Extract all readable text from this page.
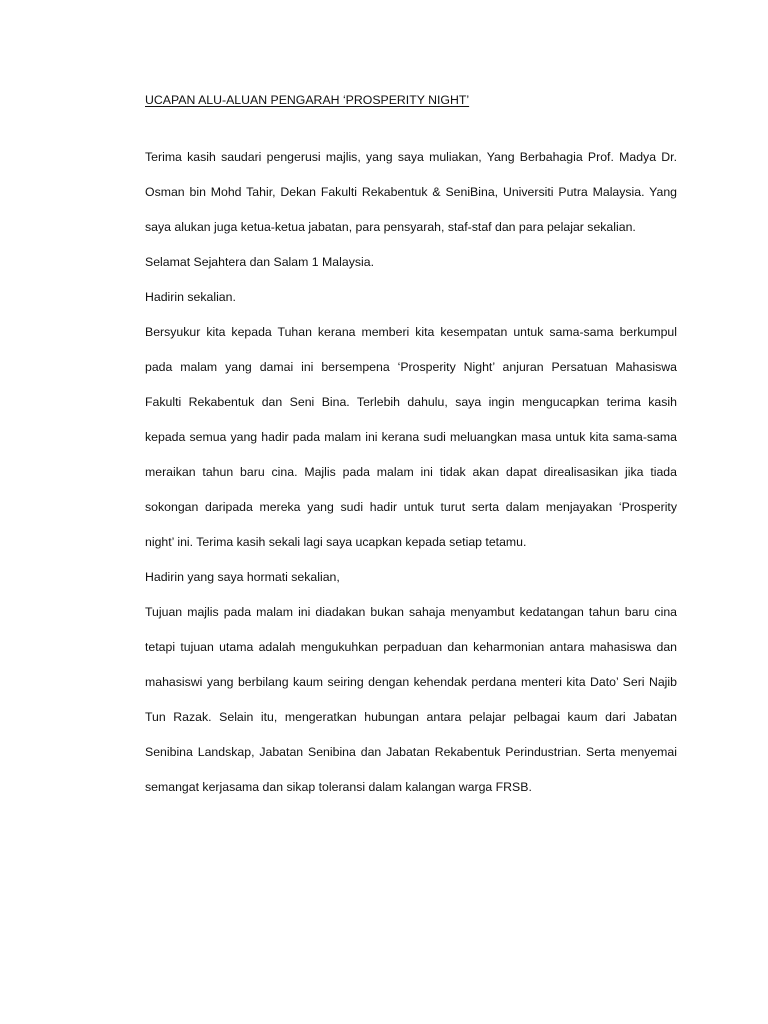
UCAPAN ALU-ALUAN PENGARAH ‘PROSPERITY NIGHT’
Terima kasih saudari pengerusi majlis, yang saya muliakan, Yang Berbahagia Prof. Madya Dr.
Osman bin Mohd Tahir, Dekan Fakulti Rekabentuk & SeniBina, Universiti Putra Malaysia. Yang
saya alukan juga ketua-ketua jabatan, para pensyarah, staf-staf dan para pelajar sekalian.
Selamat Sejahtera dan Salam 1 Malaysia.
Hadirin sekalian.
Bersyukur kita kepada Tuhan kerana memberi kita kesempatan untuk sama-sama berkumpul
pada malam yang damai ini bersempena ‘Prosperity Night’ anjuran Persatuan Mahasiswa
Fakulti Rekabentuk dan Seni Bina. Terlebih dahulu, saya ingin mengucapkan terima kasih
kepada semua yang hadir pada malam ini kerana sudi meluangkan masa untuk kita sama-sama
meraikan tahun baru cina. Majlis pada malam ini tidak akan dapat direalisasikan jika tiada
sokongan daripada mereka yang sudi hadir untuk turut serta dalam menjayakan ‘Prosperity
night’ ini. Terima kasih sekali lagi saya ucapkan kepada setiap tetamu.
Hadirin yang saya hormati sekalian,
Tujuan majlis pada malam ini diadakan bukan sahaja menyambut kedatangan tahun baru cina
tetapi tujuan utama adalah mengukuhkan perpaduan dan keharmonian antara mahasiswa dan
mahasiswi yang berbilang kaum seiring dengan kehendak perdana menteri kita Dato’ Seri Najib
Tun Razak. Selain itu, mengeratkan hubungan antara pelajar pelbagai kaum dari Jabatan
Senibina Landskap, Jabatan Senibina dan Jabatan Rekabentuk Perindustrian. Serta menyemai
semangat kerjasama dan sikap toleransi dalam kalangan warga FRSB.
